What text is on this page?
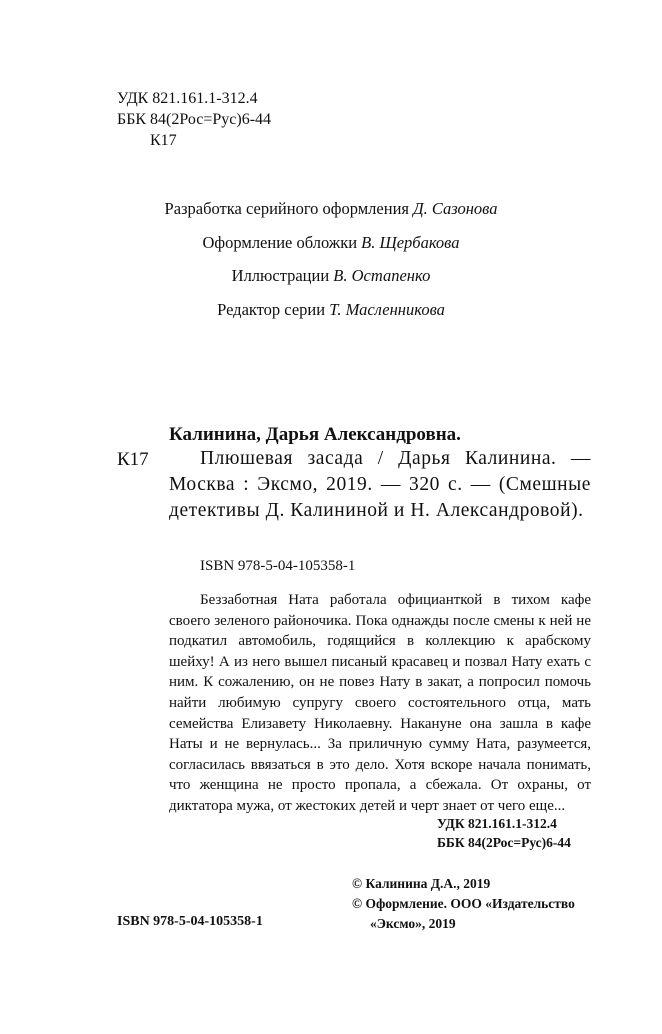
УДК 821.161.1-312.4

ББК 84(2Рос=Рус)6-44

К17

Разработка серийного оформления Д. Сазонова

Оформление обложки В. Щербакова

Иллюстрации В. Остапенко

Редактор серии Т. Масленникова

Калинина, Дарья Александровна.

К17	Плюшевая засада / Дарья Калинина. — Москва : Эксмо, 2019. — 320 с. — (Смешные детективы Д. Калининой и Н. Александровой).

ISBN 978-5-04-105358-1

Беззаботная Ната работала официанткой в тихом кафе своего зеленого районочика. Пока однажды после смены к ней не подкатил автомобиль, годящийся в коллекцию к арабскому шейху! А из него вышел писаный красавец и позвал Нату ехать с ним. К сожалению, он не повез Нату в закат, а попросил помочь найти любимую супругу своего состоятельного отца, мать семейства Елизавету Николаевну. Накануне она зашла в кафе Наты и не вернулась... За приличную сумму Ната, разумеется, согласилась ввязаться в это дело. Хотя вскоре начала понимать, что женщина не просто пропала, а сбежала. От охраны, от диктатора мужа, от жестоких детей и черт знает от чего еще...

УДК 821.161.1-312.4

ББК 84(2Рос=Рус)6-44

© Калинина Д.А., 2019

© Оформление. ООО «Издательство

ISBN 978-5-04-105358-1	«Эксмо», 2019
